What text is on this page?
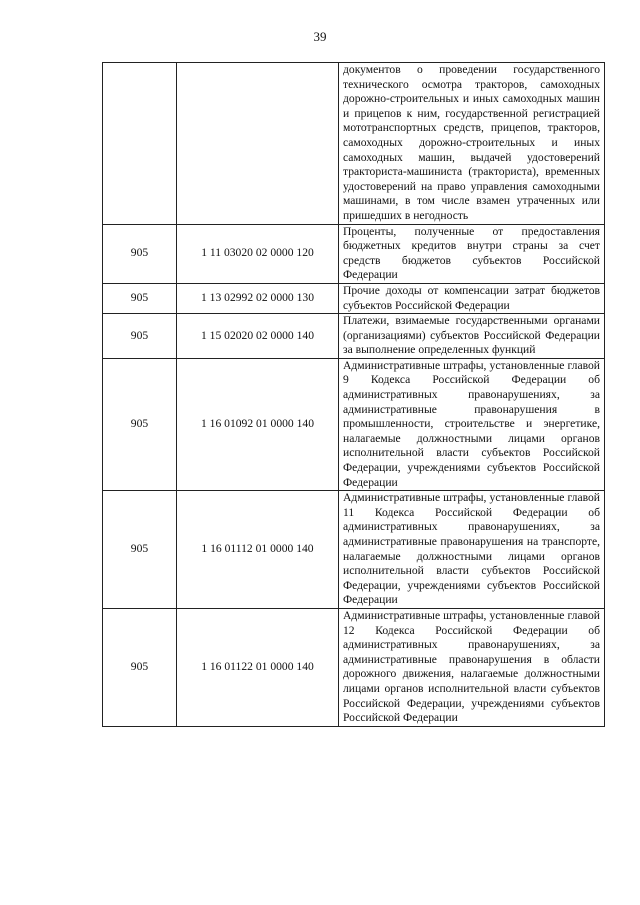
39
		документов о проведении государственного технического осмотра тракторов, самоходных дорожно-строительных и иных самоходных машин и прицепов к ним, государственной регистрацией мототранспортных средств, прицепов, тракторов, самоходных дорожно-строительных и иных самоходных машин, выдачей удостоверений тракториста-машиниста (тракториста), временных удостоверений на право управления самоходными машинами, в том числе взамен утраченных или пришедших в негодность
905	1 11 03020 02 0000 120	Проценты, полученные от предоставления бюджетных кредитов внутри страны за счет средств бюджетов субъектов Российской Федерации
905	1 13 02992 02 0000 130	Прочие доходы от компенсации затрат бюджетов субъектов Российской Федерации
905	1 15 02020 02 0000 140	Платежи, взимаемые государственными органами (организациями) субъектов Российской Федерации за выполнение определенных функций
905	1 16 01092 01 0000 140	Административные штрафы, установленные главой 9 Кодекса Российской Федерации об административных правонарушениях, за административные правонарушения в промышленности, строительстве и энергетике, налагаемые должностными лицами органов исполнительной власти субъектов Российской Федерации, учреждениями субъектов Российской Федерации
905	1 16 01112 01 0000 140	Административные штрафы, установленные главой 11 Кодекса Российской Федерации об административных правонарушениях, за административные правонарушения на транспорте, налагаемые должностными лицами органов исполнительной власти субъектов Российской Федерации, учреждениями субъектов Российской Федерации
905	1 16 01122 01 0000 140	Административные штрафы, установленные главой 12 Кодекса Российской Федерации об административных правонарушениях, за административные правонарушения в области дорожного движения, налагаемые должностными лицами органов исполнительной власти субъектов Российской Федерации, учреждениями субъектов Российской Федерации
